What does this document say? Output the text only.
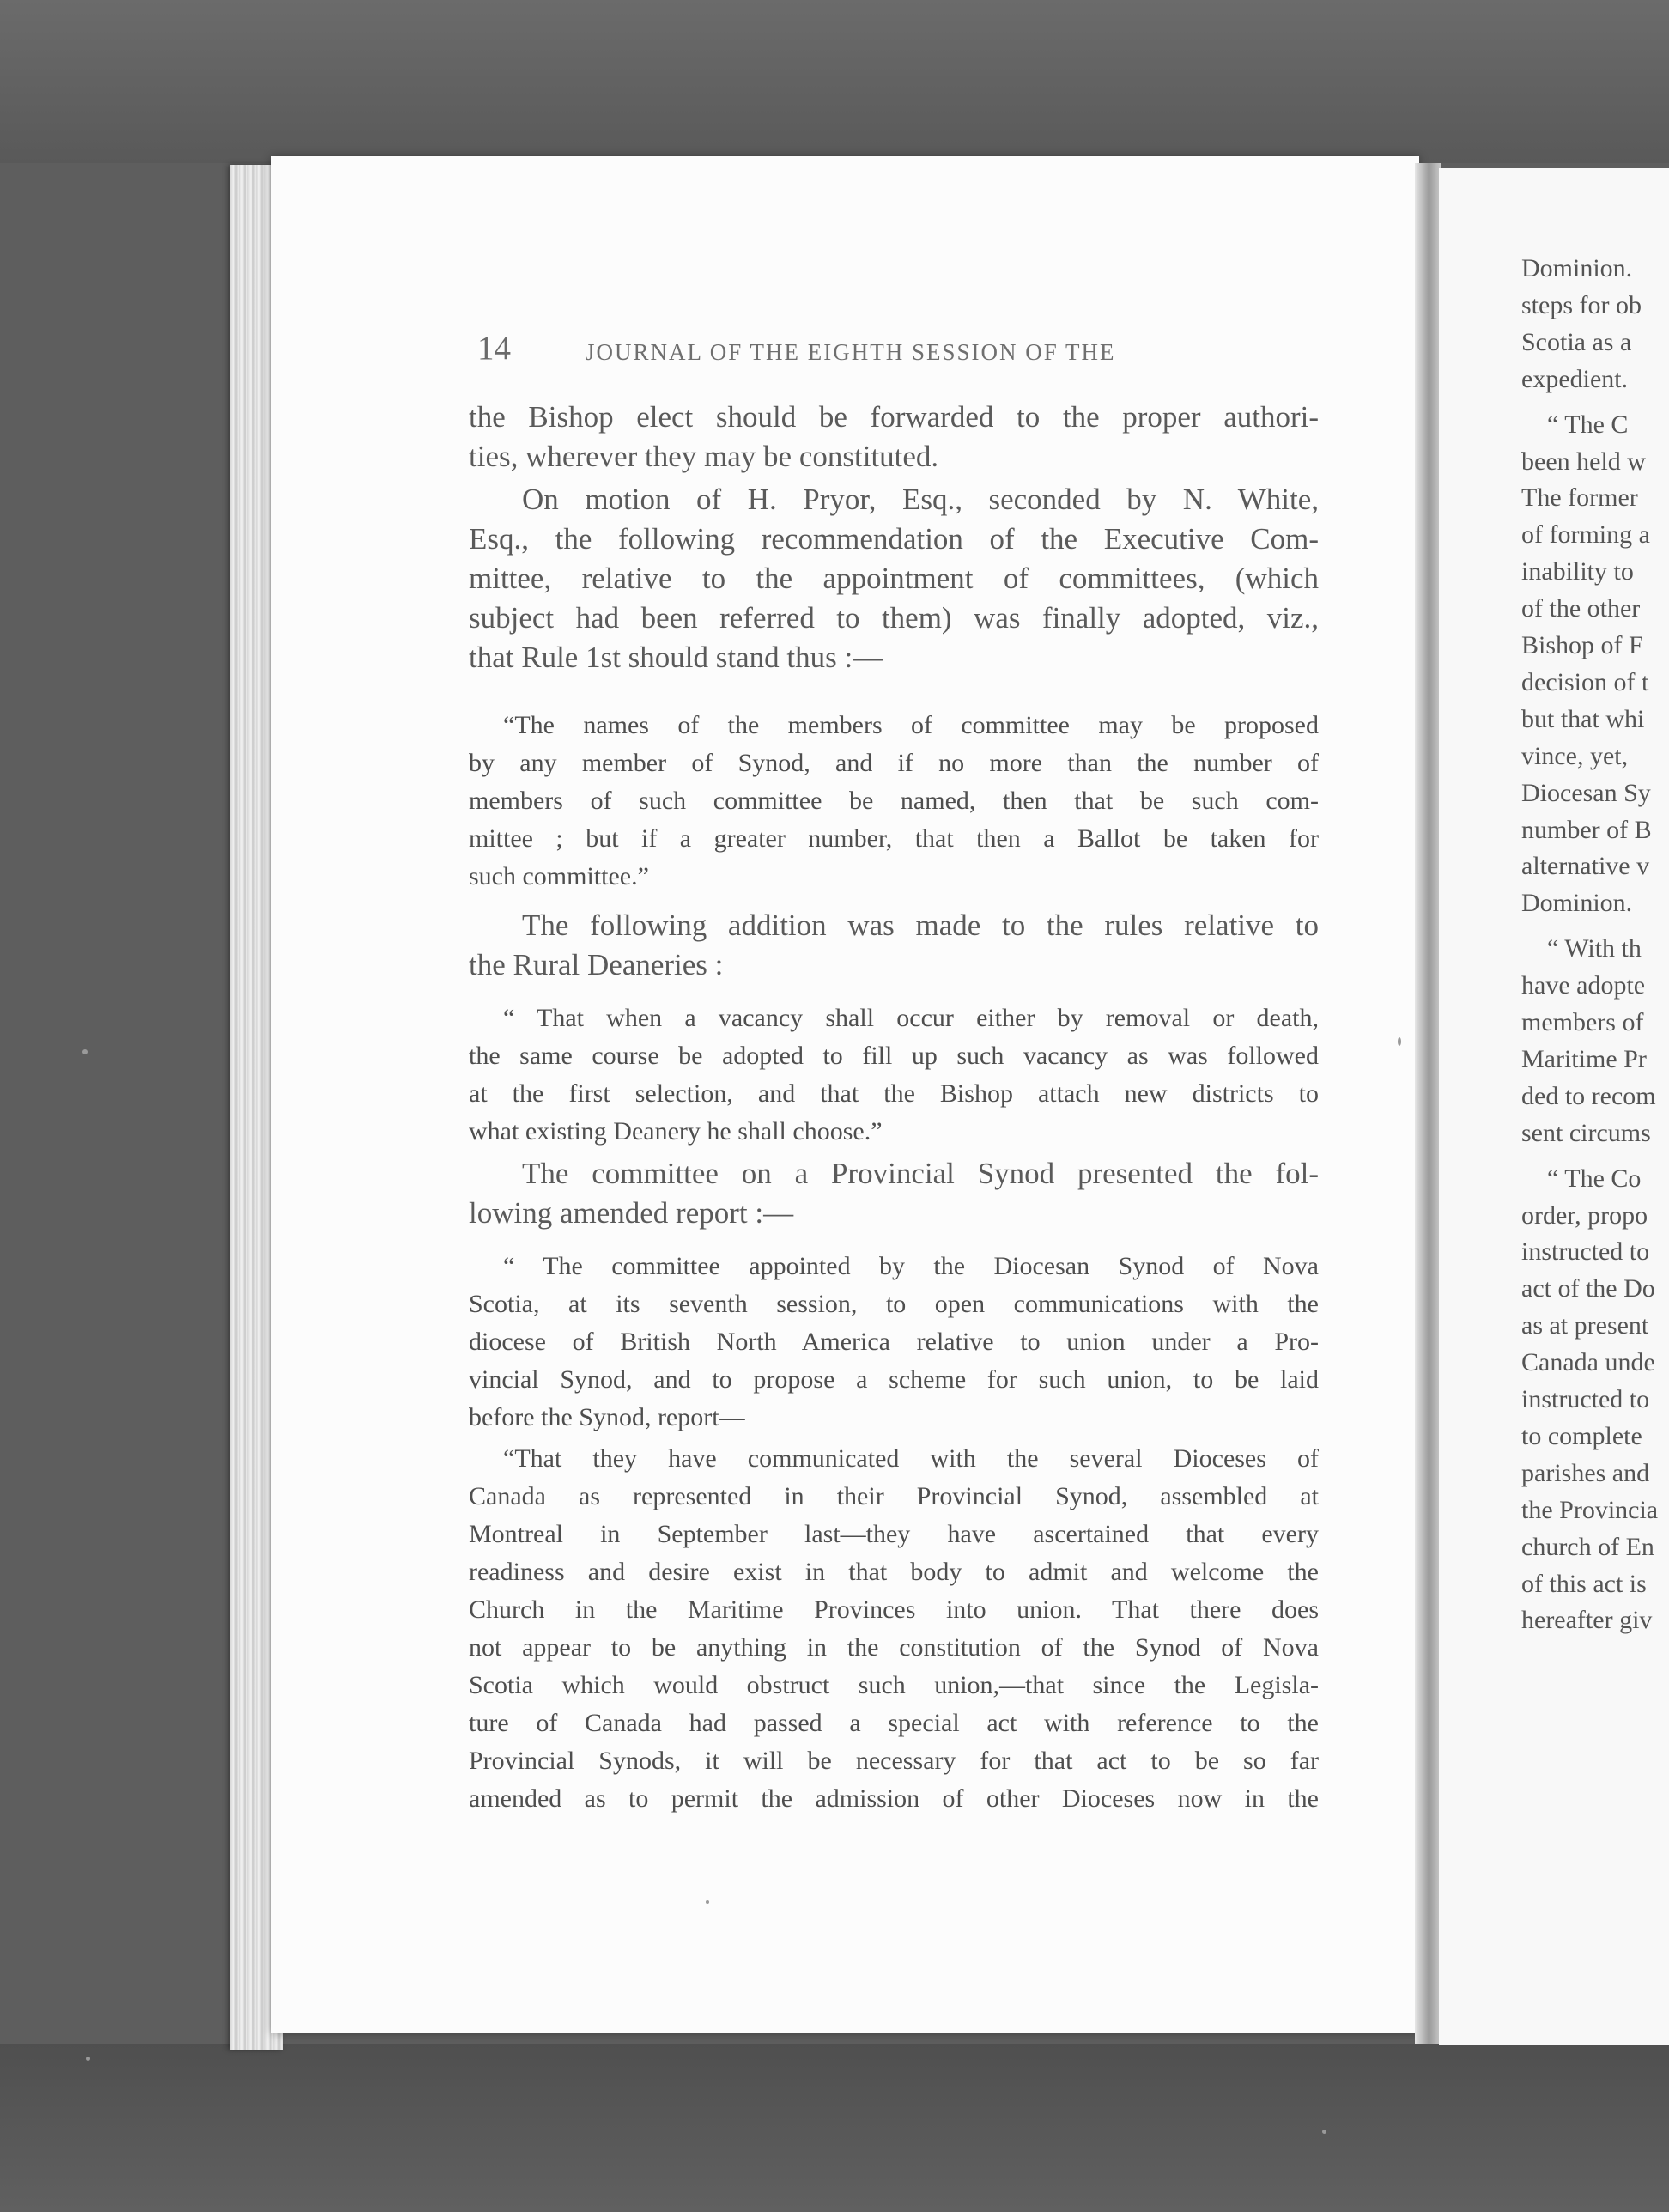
Dominion.
steps for ob
Scotia as a
expedient.
“ The C
been held w
The former
of forming a
inability to
of the other
Bishop of F
decision of t
but that whi
vince, yet,
Diocesan Sy
number of B
alternative v
Dominion.
“ With th
have adopte
members of
Maritime Pr
ded to recom
sent circums
“ The Co
order, propo
instructed to
act of the Do
as at present
Canada unde
instructed to
to complete
parishes and
the Provincia
church of En
of this act is
hereafter giv
14	JOURNAL OF THE EIGHTH SESSION OF THE
the Bishop elect should be forwarded to the proper authori-
ties, wherever they may be constituted.
On motion of H. Pryor, Esq., seconded by N. White,
Esq., the following recommendation of the Executive Com-
mittee, relative to the appointment of committees, (which
subject had been referred to them) was finally adopted, viz.,
that Rule 1st should stand thus :—
“The names of the members of committee may be proposed
by any member of Synod, and if no more than the number of
members of such committee be named, then that be such com-
mittee ; but if a greater number, that then a Ballot be taken for
such committee.”
The following addition was made to the rules relative to
the Rural Deaneries :
“ That when a vacancy shall occur either by removal or death,
the same course be adopted to fill up such vacancy as was followed
at the first selection, and that the Bishop attach new districts to
what existing Deanery he shall choose.”
The committee on a Provincial Synod presented the fol-
lowing amended report :—
“ The committee appointed by the Diocesan Synod of Nova
Scotia, at its seventh session, to open communications with the
diocese of British North America relative to union under a Pro-
vincial Synod, and to propose a scheme for such union, to be laid
before the Synod, report—
“That they have communicated with the several Dioceses of
Canada as represented in their Provincial Synod, assembled at
Montreal in September last—they have ascertained that every
readiness and desire exist in that body to admit and welcome the
Church in the Maritime Provinces into union. That there does
not appear to be anything in the constitution of the Synod of Nova
Scotia which would obstruct such union,—that since the Legisla-
ture of Canada had passed a special act with reference to the
Provincial Synods, it will be necessary for that act to be so far
amended as to permit the admission of other Dioceses now in the
